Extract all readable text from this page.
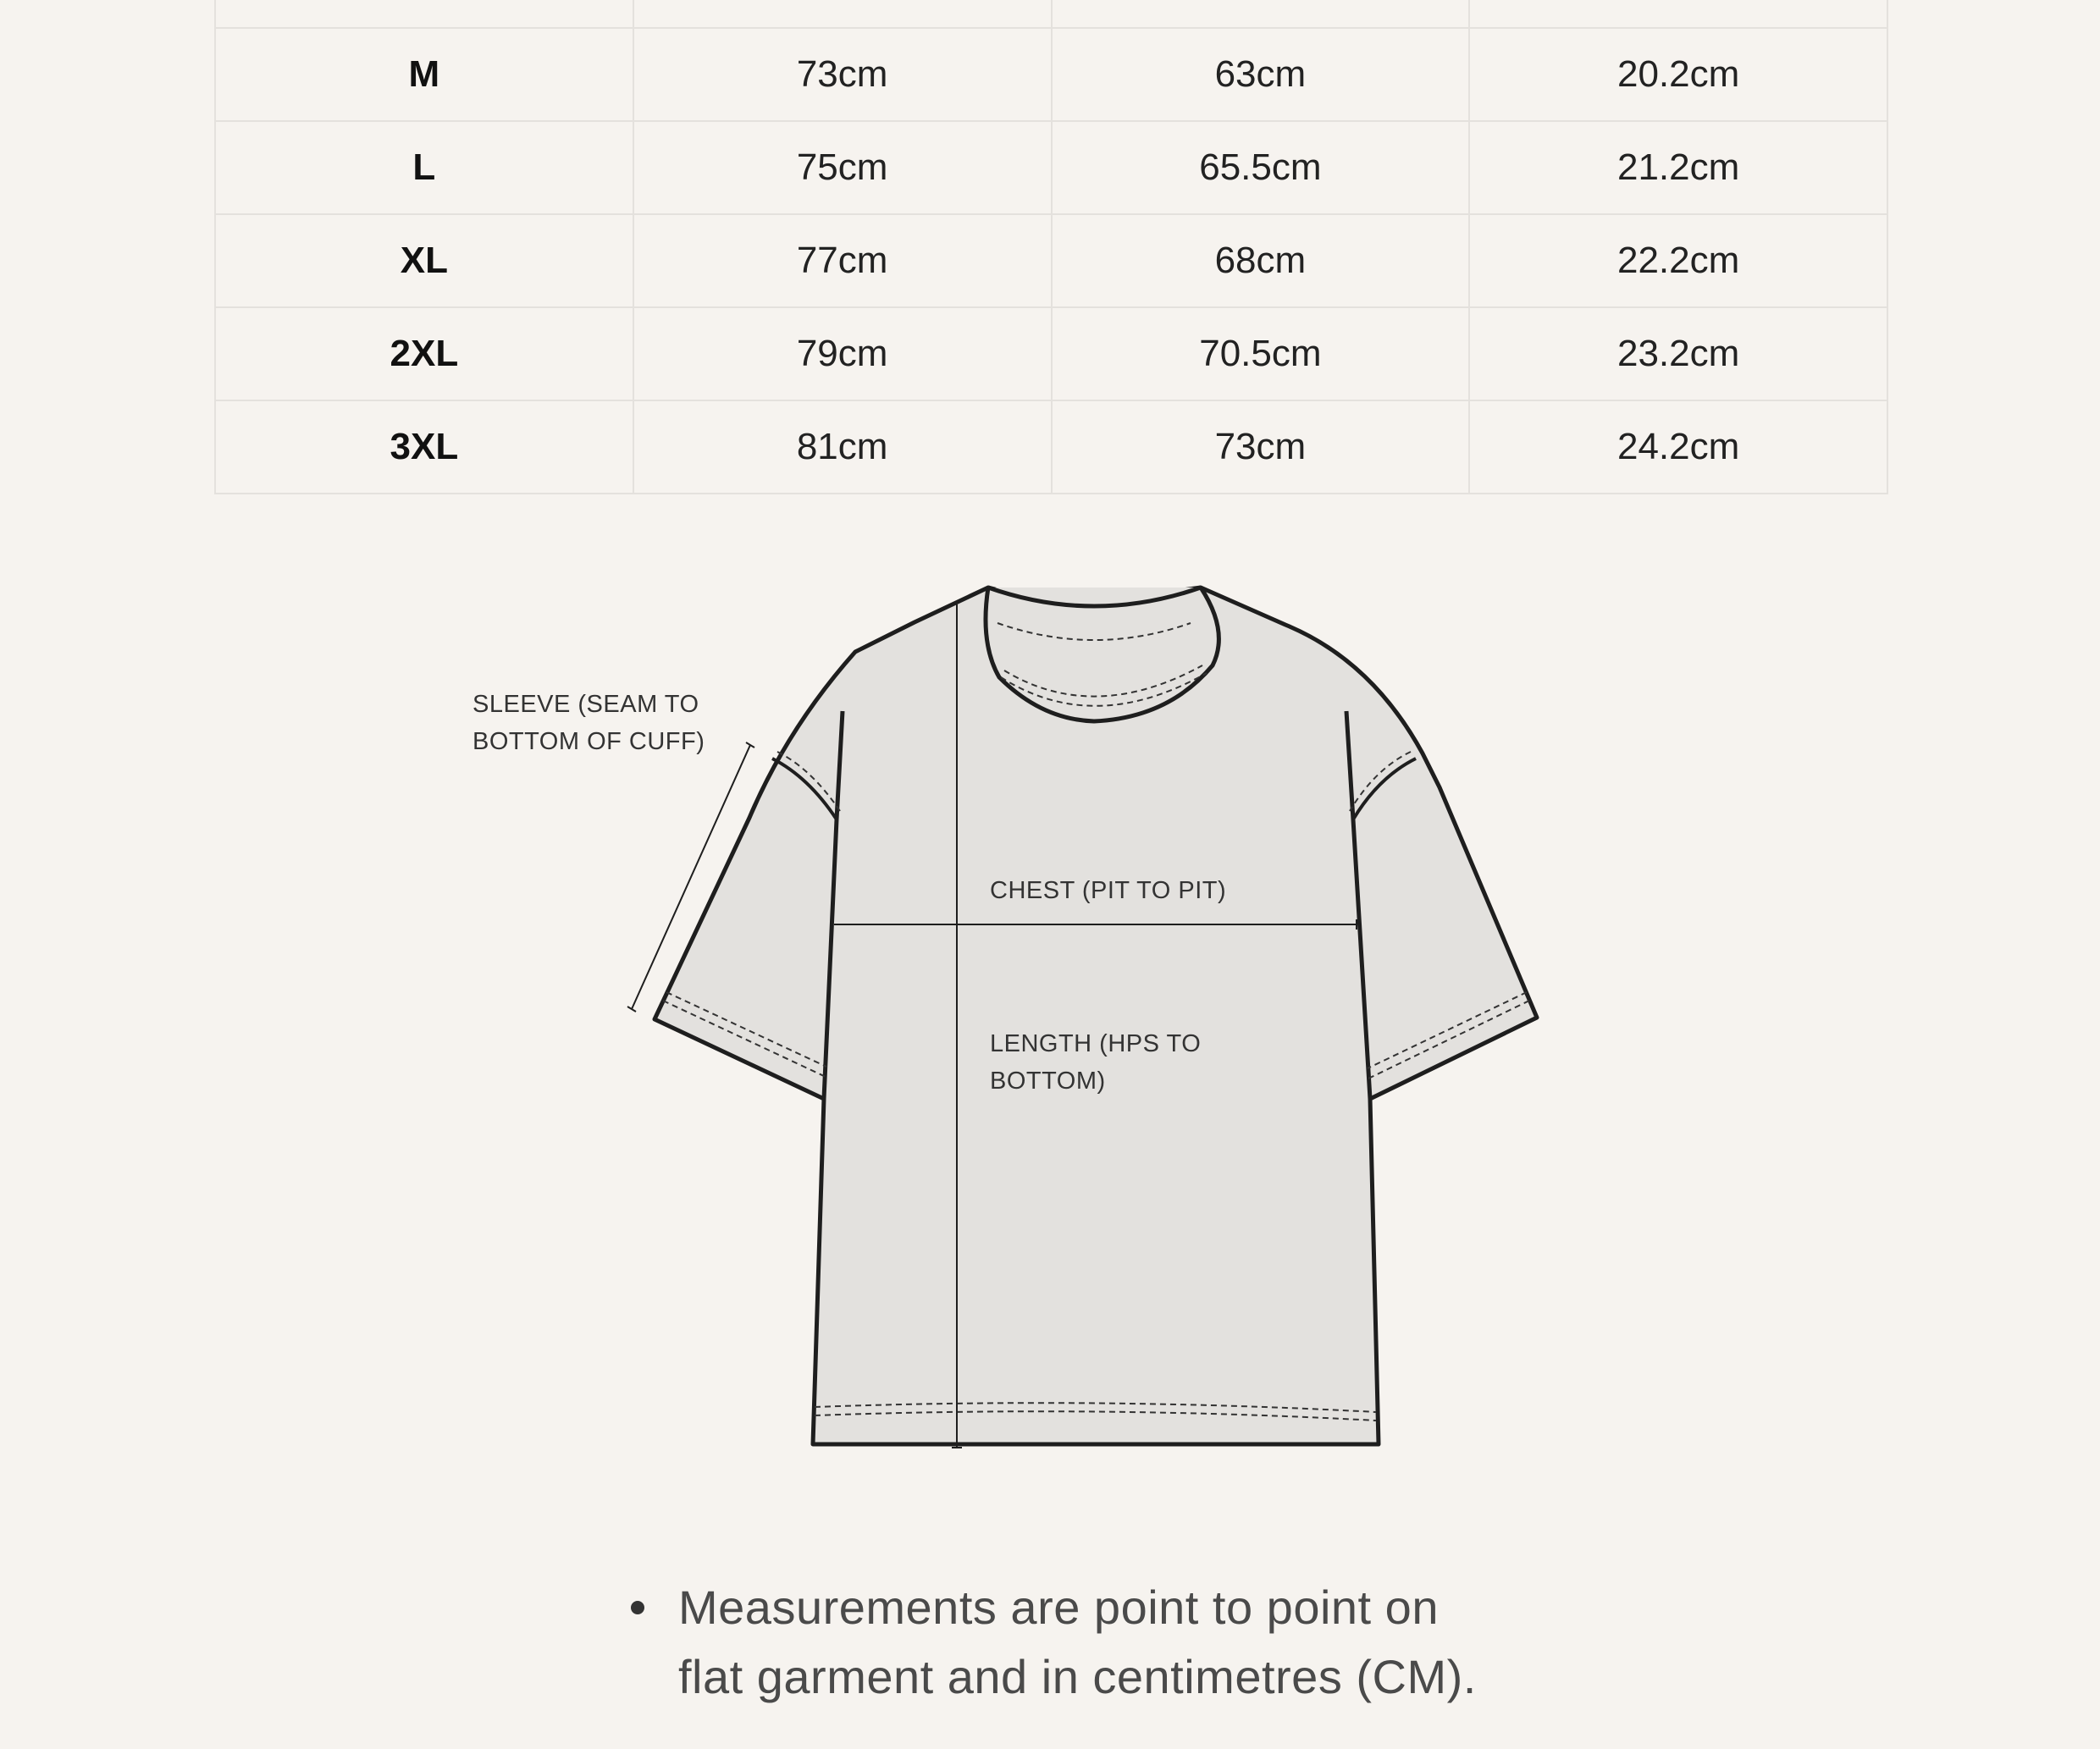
M	73cm	63cm	20.2cm
L	75cm	65.5cm	21.2cm
XL	77cm	68cm	22.2cm
2XL	79cm	70.5cm	23.2cm
3XL	81cm	73cm	24.2cm
SLEEVE (SEAM TO
BOTTOM OF CUFF)
CHEST (PIT TO PIT)
LENGTH (HPS TO
BOTTOM)
Measurements are point to point on
flat garment and in centimetres (CM).
